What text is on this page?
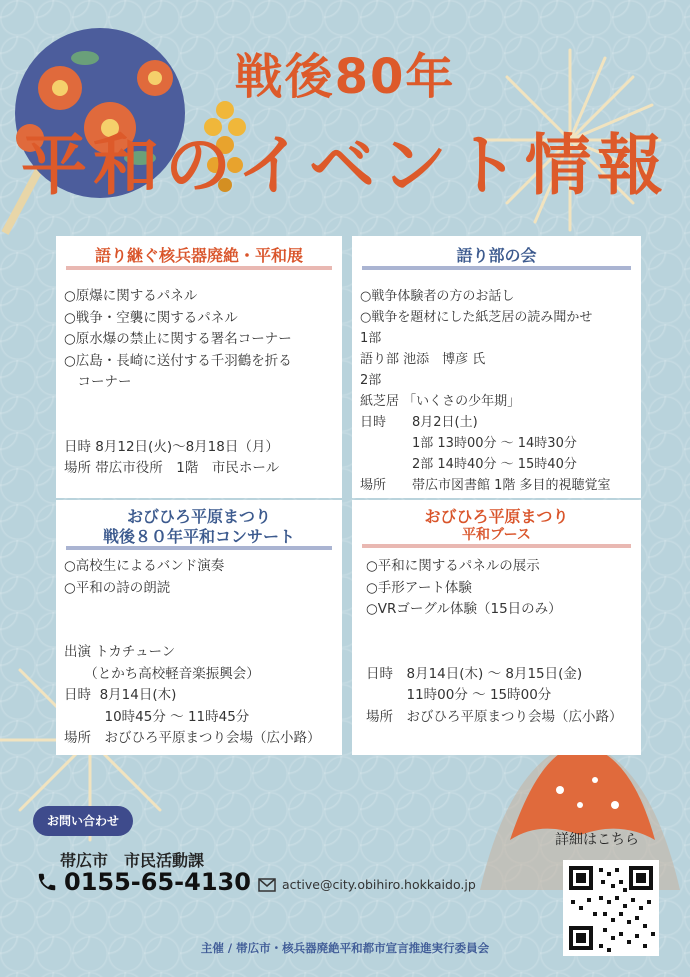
戦後80年
平和のイベント情報
語り継ぐ核兵器廃絶・平和展
○原爆に関するパネル
○戦争・空襲に関するパネル
○原水爆の禁止に関する署名コーナー
○広島・長崎に送付する千羽鶴を折る
　コーナー

日時 8月12日(火)～8月18日（月）
場所 帯広市役所　1階　市民ホール
語り部の会
○戦争体験者の方のお話し
○戦争を題材にした紙芝居の読み聞かせ
1部
語り部 池添　博彦 氏
2部
紙芝居 「いくさの少年期」
日時　　8月2日(土)
　　　　1部 13時00分 ～ 14時30分
　　　　2部 14時40分 ～ 15時40分
場所　　帯広市図書館 1階 多目的視聴覚室
おびひろ平原まつり
戦後８０年平和コンサート
○高校生によるバンド演奏
○平和の詩の朗読

出演 トカチューン
　　（とかち高校軽音楽振興会）
日時  8月14日(木)
　　　10時45分 ～ 11時45分
場所　おびひろ平原まつり会場（広小路）
おびひろ平原まつり
平和ブース
○平和に関するパネルの展示
○手形アート体験
○VRゴーグル体験（15日のみ）

日時　8月14日(木) ～ 8月15日(金)
　　　11時00分 ～ 15時00分
場所　おびひろ平原まつり会場（広小路）
お問い合わせ
帯広市　市民活動課
0155-65-4130 active@city.obihiro.hokkaido.jp
詳細はこちら
主催 / 帯広市・核兵器廃絶平和都市宣言推進実行委員会
